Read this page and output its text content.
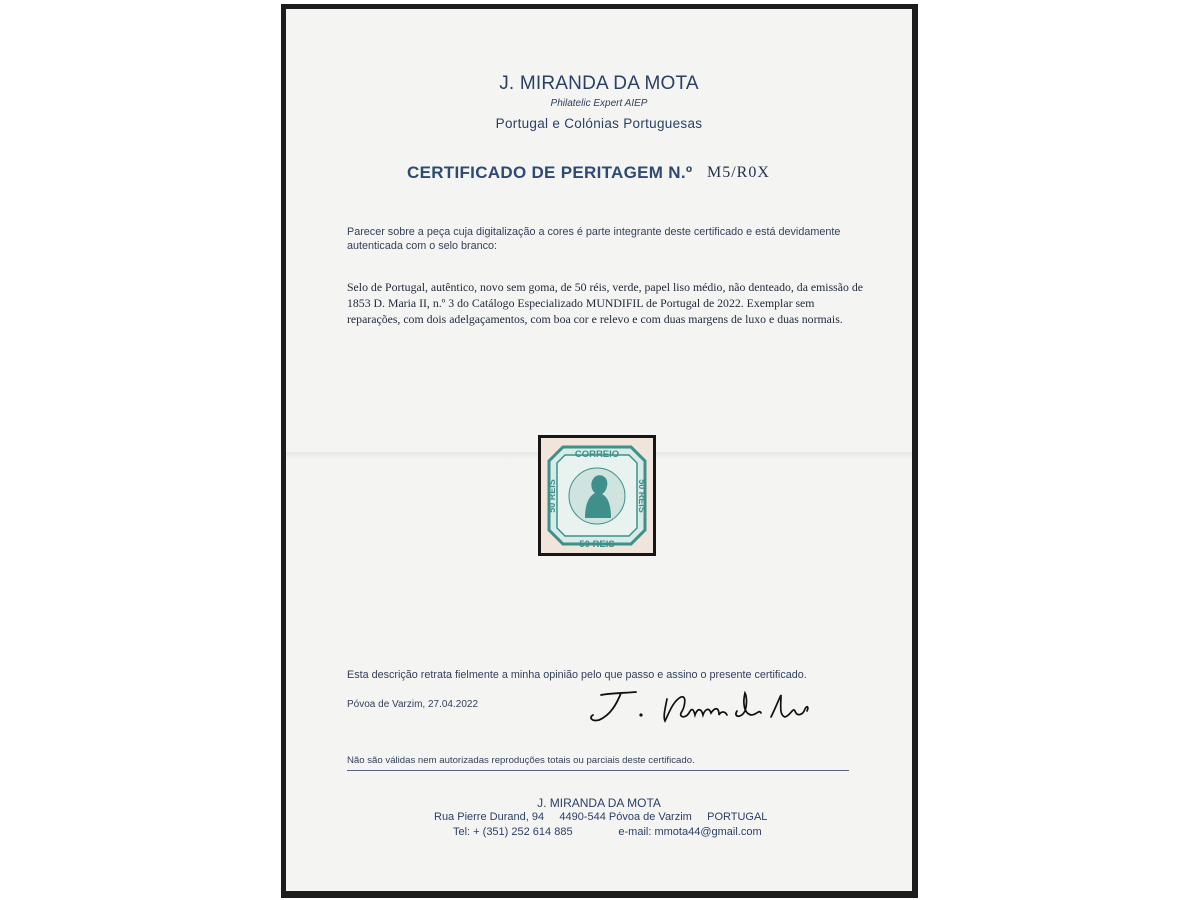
J. MIRANDA DA MOTA
Philatelic Expert AIEP
Portugal e Colónias Portuguesas
CERTIFICADO DE PERITAGEM N.º M5/R0X
Parecer sobre a peça cuja digitalização a cores é parte integrante deste certificado e está devidamente autenticada com o selo branco:
Selo de Portugal, autêntico, novo sem goma, de 50 réis, verde, papel liso médio, não denteado, da emissão de 1853 D. Maria II, n.º 3 do Catálogo Especializado MUNDIFIL de Portugal de 2022. Exemplar sem reparações, com dois adelgaçamentos, com boa cor e relevo e com duas margens de luxo e duas normais.
CORREIO
50 REIS
50 REIS	50 REIS
Esta descrição retrata fielmente a minha opinião pelo que passo e assino o presente certificado.
Póvoa de Varzim, 27.04.2022
Não são válidas nem autorizadas reproduções totais ou parciais deste certificado.
J. MIRANDA DA MOTA
Rua Pierre Durand, 94     4490-544 Póvoa de Varzim     PORTUGAL
Tel: + (351) 252 614 885               e-mail: mmota44@gmail.com
